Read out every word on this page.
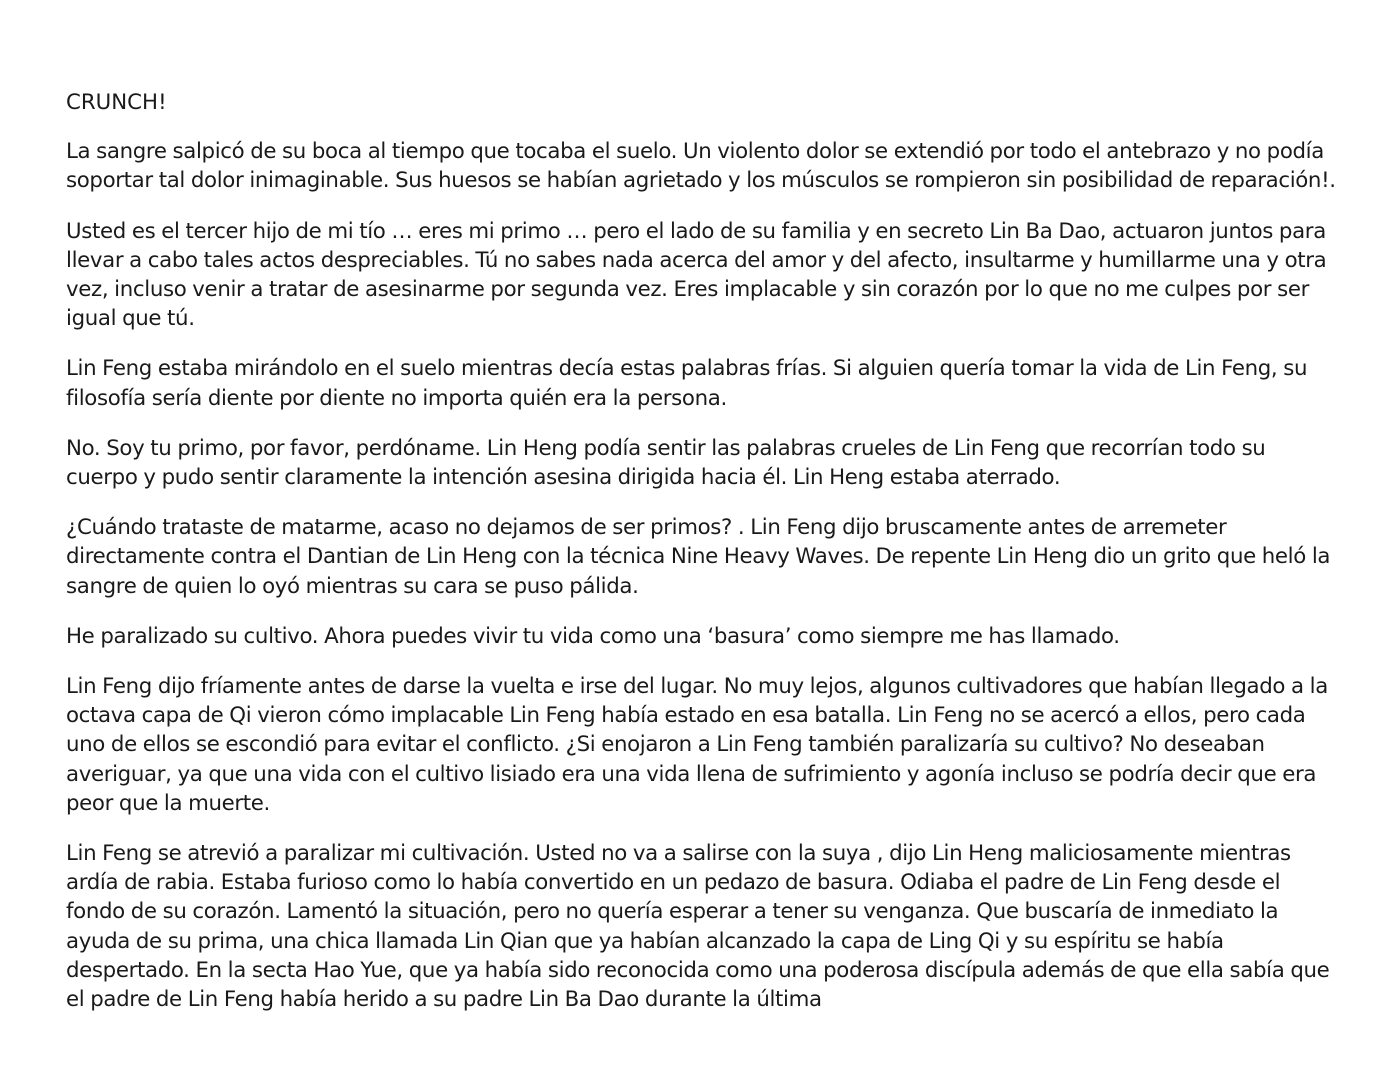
CRUNCH!

La sangre salpicó de su boca al tiempo que tocaba el suelo. Un violento dolor se extendió por todo el antebrazo y no podía soportar tal dolor inimaginable. Sus huesos se habían agrietado y los músculos se rompieron sin posibilidad de reparación!.

Usted es el tercer hijo de mi tío … eres mi primo … pero el lado de su familia y en secreto Lin Ba Dao, actuaron juntos para llevar a cabo tales actos despreciables. Tú no sabes nada acerca del amor y del afecto, insultarme y humillarme una y otra vez, incluso venir a tratar de asesinarme por segunda vez. Eres implacable y sin corazón por lo que no me culpes por ser igual que tú.

Lin Feng estaba mirándolo en el suelo mientras decía estas palabras frías. Si alguien quería tomar la vida de Lin Feng, su filosofía sería diente por diente no importa quién era la persona.

No. Soy tu primo, por favor, perdóname. Lin Heng podía sentir las palabras crueles de Lin Feng que recorrían todo su cuerpo y pudo sentir claramente la intención asesina dirigida hacia él. Lin Heng estaba aterrado.

¿Cuándo trataste de matarme, acaso no dejamos de ser primos? . Lin Feng dijo bruscamente antes de arremeter directamente contra el Dantian de Lin Heng con la técnica Nine Heavy Waves. De repente Lin Heng dio un grito que heló la sangre de quien lo oyó mientras su cara se puso pálida.

He paralizado su cultivo. Ahora puedes vivir tu vida como una ‘basura’ como siempre me has llamado.

Lin Feng dijo fríamente antes de darse la vuelta e irse del lugar. No muy lejos, algunos cultivadores que habían llegado a la octava capa de Qi vieron cómo implacable Lin Feng había estado en esa batalla. Lin Feng no se acercó a ellos, pero cada uno de ellos se escondió para evitar el conflicto. ¿Si enojaron a Lin Feng también paralizaría su cultivo? No deseaban averiguar, ya que una vida con el cultivo lisiado era una vida llena de sufrimiento y agonía incluso se podría decir que era peor que la muerte.

Lin Feng se atrevió a paralizar mi cultivación. Usted no va a salirse con la suya , dijo Lin Heng maliciosamente mientras ardía de rabia. Estaba furioso como lo había convertido en un pedazo de basura. Odiaba el padre de Lin Feng desde el fondo de su corazón. Lamentó la situación, pero no quería esperar a tener su venganza. Que buscaría de inmediato la ayuda de su prima, una chica llamada Lin Qian que ya habían alcanzado la capa de Ling Qi y su espíritu se había despertado. En la secta Hao Yue, que ya había sido reconocida como una poderosa discípula además de que ella sabía que el padre de Lin Feng había herido a su padre Lin Ba Dao durante la última
